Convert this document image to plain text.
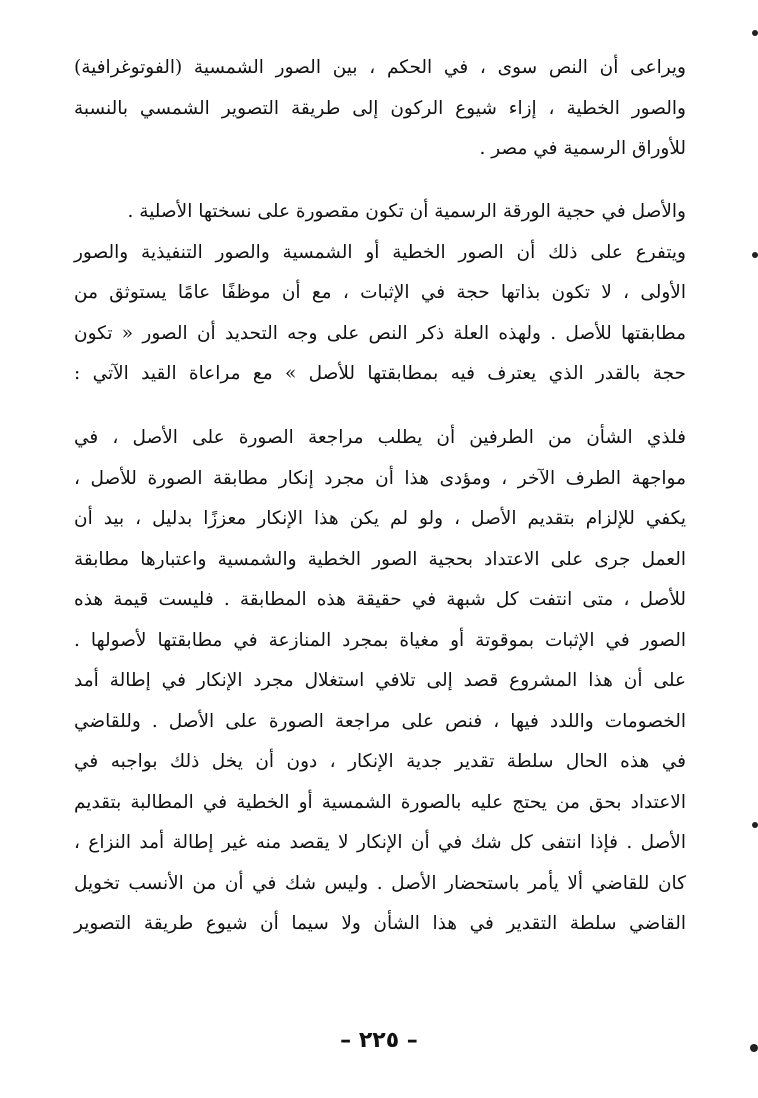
ويراعى أن النص سوى ، في الحكم ، بين الصور الشمسية (الفوتوغرافية)
والصور الخطية ، إزاء شيوع الركون إلى طريقة التصوير الشمسي بالنسبة
للأوراق الرسمية في مصر .
والأصل في حجية الورقة الرسمية أن تكون مقصورة على نسختها الأصلية .
ويتفرع على ذلك أن الصور الخطية أو الشمسية والصور التنفيذية والصور
الأولى ، لا تكون بذاتها حجة في الإثبات ، مع أن موظفًا عامًا يستوثق من
مطابقتها للأصل . ولهذه العلة ذكر النص على وجه التحديد أن الصور « تكون
حجة بالقدر الذي يعترف فيه بمطابقتها للأصل » مع مراعاة القيد الآتي :
فلذي الشأن من الطرفين أن يطلب مراجعة الصورة على الأصل ، في
مواجهة الطرف الآخر ، ومؤدى هذا أن مجرد إنكار مطابقة الصورة للأصل ،
يكفي للإلزام بتقديم الأصل ، ولو لم يكن هذا الإنكار معززًا بدليل ، بيد أن
العمل جرى على الاعتداد بحجية الصور الخطية والشمسية واعتبارها مطابقة
للأصل ، متى انتفت كل شبهة في حقيقة هذه المطابقة . فليست قيمة هذه
الصور في الإثبات بموقوتة أو مغياة بمجرد المنازعة في مطابقتها لأصولها .
على أن هذا المشروع قصد إلى تلافي استغلال مجرد الإنكار في إطالة أمد
الخصومات واللدد فيها ، فنص على مراجعة الصورة على الأصل . وللقاضي
في هذه الحال سلطة تقدير جدية الإنكار ، دون أن يخل ذلك بواجبه في
الاعتداد بحق من يحتج عليه بالصورة الشمسية أو الخطية في المطالبة بتقديم
الأصل . فإذا انتفى كل شك في أن الإنكار لا يقصد منه غير إطالة أمد النزاع ،
كان للقاضي ألا يأمر باستحضار الأصل . وليس شك في أن من الأنسب تخويل
القاضي سلطة التقدير في هذا الشأن ولا سيما أن شيوع طريقة التصوير
– ٢٢٥ –
